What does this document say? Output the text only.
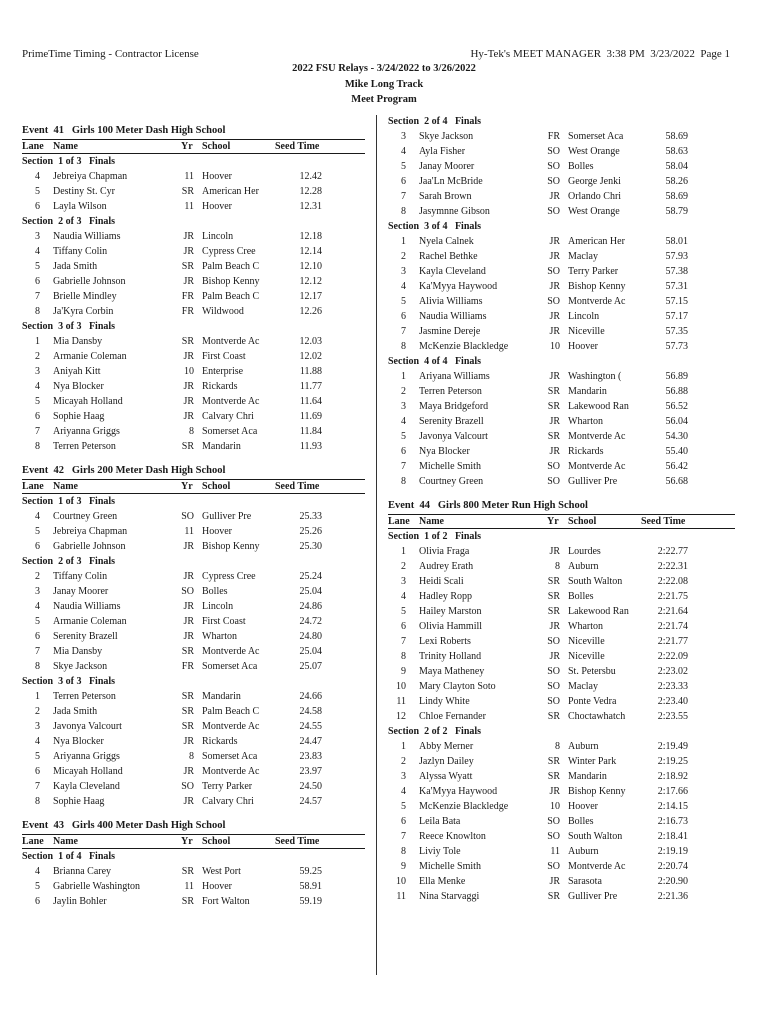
PrimeTime Timing - Contractor License	Hy-Tek's MEET MANAGER  3:38 PM  3/23/2022  Page 1
2022 FSU Relays - 3/24/2022 to 3/26/2022
Mike Long Track
Meet Program
Event  41   Girls 100 Meter Dash High School
Lane Name	Yr School	Seed Time
Section  1 of 3   Finals
4 Jebreiya Chapman	11 Hoover	12.42
5 Destiny St. Cyr	SR American Her	12.28
6 Layla Wilson	11 Hoover	12.31
Section  2 of 3   Finals
3 Naudia Williams	JR Lincoln	12.18
4 Tiffany Colin	JR Cypress Cree	12.14
5 Jada Smith	SR Palm Beach C	12.10
6 Gabrielle Johnson	JR Bishop Kenny	12.12
7 Brielle Mindley	FR Palm Beach C	12.17
8 Ja'Kyra Corbin	FR Wildwood	12.26
Section  3 of 3   Finals
1 Mia Dansby	SR Montverde Ac	12.03
2 Armanie Coleman	JR First Coast	12.02
3 Aniyah Kitt	10 Enterprise	11.88
4 Nya Blocker	JR Rickards	11.77
5 Micayah Holland	JR Montverde Ac	11.64
6 Sophie Haag	JR Calvary Chri	11.69
7 Ariyanna Griggs	8 Somerset Aca	11.84
8 Terren Peterson	SR Mandarin	11.93
Event  42   Girls 200 Meter Dash High School
Lane Name	Yr School	Seed Time
Section  1 of 3   Finals
4 Courtney Green	SO Gulliver Pre	25.33
5 Jebreiya Chapman	11 Hoover	25.26
6 Gabrielle Johnson	JR Bishop Kenny	25.30
Section  2 of 3   Finals
2 Tiffany Colin	JR Cypress Cree	25.24
3 Janay Moorer	SO Bolles	25.04
4 Naudia Williams	JR Lincoln	24.86
5 Armanie Coleman	JR First Coast	24.72
6 Serenity Brazell	JR Wharton	24.80
7 Mia Dansby	SR Montverde Ac	25.04
8 Skye Jackson	FR Somerset Aca	25.07
Section  3 of 3   Finals
1 Terren Peterson	SR Mandarin	24.66
2 Jada Smith	SR Palm Beach C	24.58
3 Javonya Valcourt	SR Montverde Ac	24.55
4 Nya Blocker	JR Rickards	24.47
5 Ariyanna Griggs	8 Somerset Aca	23.83
6 Micayah Holland	JR Montverde Ac	23.97
7 Kayla Cleveland	SO Terry Parker	24.50
8 Sophie Haag	JR Calvary Chri	24.57
Event  43   Girls 400 Meter Dash High School
Lane Name	Yr School	Seed Time
Section  1 of 4   Finals
4 Brianna Carey	SR West Port	59.25
5 Gabrielle Washington	11 Hoover	58.91
6 Jaylin Bohler	SR Fort Walton	59.19
Section  2 of 4   Finals
3 Skye Jackson	FR Somerset Aca	58.69
4 Ayla Fisher	SO West Orange	58.63
5 Janay Moorer	SO Bolles	58.04
6 Jaa'Ln McBride	SO George Jenki	58.26
7 Sarah Brown	JR Orlando Chri	58.69
8 Jasymnne Gibson	SO West Orange	58.79
Section  3 of 4   Finals
1 Nyela Calnek	JR American Her	58.01
2 Rachel Bethke	JR Maclay	57.93
3 Kayla Cleveland	SO Terry Parker	57.38
4 Ka'Myya Haywood	JR Bishop Kenny	57.31
5 Alivia Williams	SO Montverde Ac	57.15
6 Naudia Williams	JR Lincoln	57.17
7 Jasmine Dereje	JR Niceville	57.35
8 McKenzie Blackledge	10 Hoover	57.73
Section  4 of 4   Finals
1 Ariyana Williams	JR Washington (	56.89
2 Terren Peterson	SR Mandarin	56.88
3 Maya Bridgeford	SR Lakewood Ran	56.52
4 Serenity Brazell	JR Wharton	56.04
5 Javonya Valcourt	SR Montverde Ac	54.30
6 Nya Blocker	JR Rickards	55.40
7 Michelle Smith	SO Montverde Ac	56.42
8 Courtney Green	SO Gulliver Pre	56.68
Event  44   Girls 800 Meter Run High School
Lane Name	Yr School	Seed Time
Section  1 of 2   Finals
1 Olivia Fraga	JR Lourdes	2:22.77
2 Audrey Erath	8 Auburn	2:22.31
3 Heidi Scali	SR South Walton	2:22.08
4 Hadley Ropp	SR Bolles	2:21.75
5 Hailey Marston	SR Lakewood Ran	2:21.64
6 Olivia Hammill	JR Wharton	2:21.74
7 Lexi Roberts	SO Niceville	2:21.77
8 Trinity Holland	JR Niceville	2:22.09
9 Maya Matheney	SO St. Petersbu	2:23.02
10 Mary Clayton Soto	SO Maclay	2:23.33
11 Lindy White	SO Ponte Vedra	2:23.40
12 Chloe Fernander	SR Choctawhatch	2:23.55
Section  2 of 2   Finals
1 Abby Merner	8 Auburn	2:19.49
2 Jazlyn Dailey	SR Winter Park	2:19.25
3 Alyssa Wyatt	SR Mandarin	2:18.92
4 Ka'Myya Haywood	JR Bishop Kenny	2:17.66
5 McKenzie Blackledge	10 Hoover	2:14.15
6 Leila Bata	SO Bolles	2:16.73
7 Reece Knowlton	SO South Walton	2:18.41
8 Liviy Tole	11 Auburn	2:19.19
9 Michelle Smith	SO Montverde Ac	2:20.74
10 Ella Menke	JR Sarasota	2:20.90
11 Nina Starvaggi	SR Gulliver Pre	2:21.36
